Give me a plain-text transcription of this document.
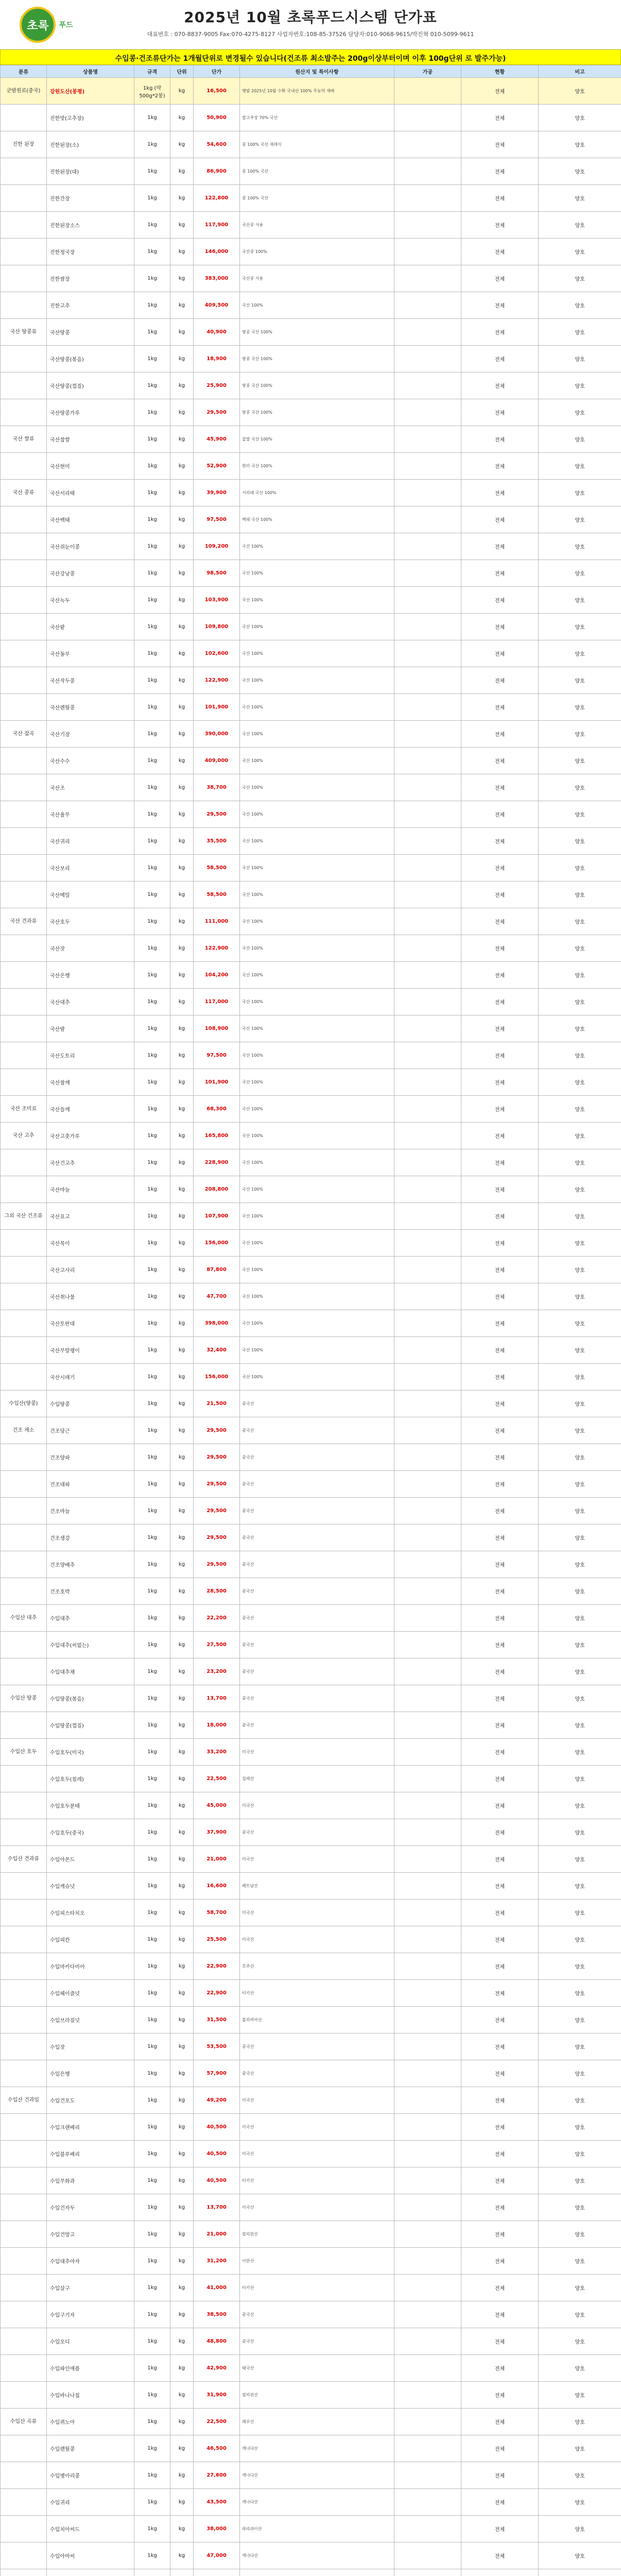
초록	푸드	2025년 10월 초록푸드시스템 단가표
대표번호 : 070-8837-9005 Fax:070-4275-8127 사업자번호:108-85-37526 담당자:010-9068-9615/박진혁 010-5099-9611
수입콩·건조류단가는 1개월단위로 변경될수 있습니다(건조류 최소발주는 200g이상부터이며 이후 100g단위 로 발주가능)
분류	상품명	규격	단위	단가	원산지 및 특이사항	가공	현황	비고
군밤원료(중국)	강원도산(봉평)	1kg (약500g*2봉)	kg	16,500	햇밤 2025년 10월 수확 국내산 100% 무농약 재배		전체	양호
	진한맛(고추장)	1kg	kg	50,900	쌀고추장 70% 국산		전체	양호
진한 된장	진한된장(소)	1kg	kg	54,600	콩 100% 국산 재래식		전체	양호
	진한된장(대)	1kg	kg	86,900	콩 100% 국산		전체	양호
	진한간장	1kg	kg	122,800	콩 100% 국산		전체	양호
	진한된장소스	1kg	kg	117,900	국산콩 사용		전체	양호
	진한청국장	1kg	kg	146,000	국산콩 100%		전체	양호
	진한쌈장	1kg	kg	383,000	국산콩 사용		전체	양호
	진한고추	1kg	kg	409,500	국산 100%		전체	양호
국산 땅콩류	국산땅콩	1kg	kg	40,900	땅콩 국산 100%		전체	양호
	국산땅콩(볶음)	1kg	kg	18,900	땅콩 국산 100%		전체	양호
	국산땅콩(껍질)	1kg	kg	25,900	땅콩 국산 100%		전체	양호
	국산땅콩가루	1kg	kg	29,500	땅콩 국산 100%		전체	양호
국산 쌀류	국산찹쌀	1kg	kg	45,900	찹쌀 국산 100%		전체	양호
	국산현미	1kg	kg	52,900	현미 국산 100%		전체	양호
국산 콩류	국산서리태	1kg	kg	39,900	서리태 국산 100%		전체	양호
	국산백태	1kg	kg	97,500	백태 국산 100%		전체	양호
	국산쥐눈이콩	1kg	kg	109,200	국산 100%		전체	양호
	국산강낭콩	1kg	kg	98,500	국산 100%		전체	양호
	국산녹두	1kg	kg	103,900	국산 100%		전체	양호
	국산팥	1kg	kg	109,800	국산 100%		전체	양호
	국산동부	1kg	kg	102,600	국산 100%		전체	양호
	국산작두콩	1kg	kg	122,900	국산 100%		전체	양호
	국산렌틸콩	1kg	kg	101,900	국산 100%		전체	양호
국산 잡곡	국산기장	1kg	kg	390,000	국산 100%		전체	양호
	국산수수	1kg	kg	409,000	국산 100%		전체	양호
	국산조	1kg	kg	38,700	국산 100%		전체	양호
	국산율무	1kg	kg	29,500	국산 100%		전체	양호
	국산귀리	1kg	kg	35,500	국산 100%		전체	양호
	국산보리	1kg	kg	58,500	국산 100%		전체	양호
	국산메밀	1kg	kg	58,500	국산 100%		전체	양호
국산 견과류	국산호두	1kg	kg	111,000	국산 100%		전체	양호
	국산잣	1kg	kg	122,900	국산 100%		전체	양호
	국산은행	1kg	kg	104,200	국산 100%		전체	양호
	국산대추	1kg	kg	117,000	국산 100%		전체	양호
	국산밤	1kg	kg	108,900	국산 100%		전체	양호
	국산도토리	1kg	kg	97,500	국산 100%		전체	양호
	국산참깨	1kg	kg	101,900	국산 100%		전체	양호
국산 조미료	국산들깨	1kg	kg	68,300	국산 100%		전체	양호
국산 고추	국산고춧가루	1kg	kg	165,800	국산 100%		전체	양호
	국산건고추	1kg	kg	228,900	국산 100%		전체	양호
	국산마늘	1kg	kg	208,800	국산 100%		전체	양호
그외 국산 건조류	국산표고	1kg	kg	107,900	국산 100%		전체	양호
	국산목이	1kg	kg	156,000	국산 100%		전체	양호
	국산고사리	1kg	kg	87,800	국산 100%		전체	양호
	국산취나물	1kg	kg	47,700	국산 100%		전체	양호
	국산토란대	1kg	kg	398,000	국산 100%		전체	양호
	국산무말랭이	1kg	kg	32,400	국산 100%		전체	양호
	국산시래기	1kg	kg	156,000	국산 100%		전체	양호
수입산(땅콩)	수입땅콩	1kg	kg	21,500	중국산		전체	양호
건조 채소	건조당근	1kg	kg	29,500	중국산		전체	양호
	건조양파	1kg	kg	29,500	중국산		전체	양호
	건조대파	1kg	kg	29,500	중국산		전체	양호
	건조마늘	1kg	kg	29,500	중국산		전체	양호
	건조생강	1kg	kg	29,500	중국산		전체	양호
	건조양배추	1kg	kg	29,500	중국산		전체	양호
	건조호박	1kg	kg	28,500	중국산		전체	양호
수입산 대추	수입대추	1kg	kg	22,200	중국산		전체	양호
	수입대추(씨없는)	1kg	kg	27,500	중국산		전체	양호
	수입대추채	1kg	kg	23,200	중국산		전체	양호
수입산 땅콩	수입땅콩(볶음)	1kg	kg	13,700	중국산		전체	양호
	수입땅콩(껍질)	1kg	kg	18,000	중국산		전체	양호
수입산 호두	수입호두(미국)	1kg	kg	33,200	미국산		전체	양호
	수입호두(칠레)	1kg	kg	22,500	칠레산		전체	양호
	수입호두분태	1kg	kg	45,000	미국산		전체	양호
	수입호두(중국)	1kg	kg	37,900	중국산		전체	양호
수입산 견과류	수입아몬드	1kg	kg	21,000	미국산		전체	양호
	수입캐슈넛	1kg	kg	16,600	베트남산		전체	양호
	수입피스타치오	1kg	kg	58,700	미국산		전체	양호
	수입피칸	1kg	kg	25,500	미국산		전체	양호
	수입마카다미아	1kg	kg	22,900	호주산		전체	양호
	수입헤이즐넛	1kg	kg	22,900	터키산		전체	양호
	수입브라질넛	1kg	kg	31,500	볼리비아산		전체	양호
	수입잣	1kg	kg	53,500	중국산		전체	양호
	수입은행	1kg	kg	57,900	중국산		전체	양호
수입산 건과일	수입건포도	1kg	kg	49,200	미국산		전체	양호
	수입크랜베리	1kg	kg	40,500	미국산		전체	양호
	수입블루베리	1kg	kg	40,500	미국산		전체	양호
	수입무화과	1kg	kg	40,500	터키산		전체	양호
	수입건자두	1kg	kg	13,700	미국산		전체	양호
	수입건망고	1kg	kg	21,000	필리핀산		전체	양호
	수입대추야자	1kg	kg	31,200	이란산		전체	양호
	수입살구	1kg	kg	41,000	터키산		전체	양호
	수입구기자	1kg	kg	38,500	중국산		전체	양호
	수입오디	1kg	kg	48,800	중국산		전체	양호
	수입파인애플	1kg	kg	42,900	태국산		전체	양호
	수입바나나칩	1kg	kg	31,900	필리핀산		전체	양호
수입산 곡류	수입퀴노아	1kg	kg	22,500	페루산		전체	양호
	수입렌틸콩	1kg	kg	46,500	캐나다산		전체	양호
	수입병아리콩	1kg	kg	27,600	캐나다산		전체	양호
	수입귀리	1kg	kg	43,500	캐나다산		전체	양호
	수입치아씨드	1kg	kg	38,000	파라과이산		전체	양호
	수입아마씨	1kg	kg	47,000	캐나다산		전체	양호
